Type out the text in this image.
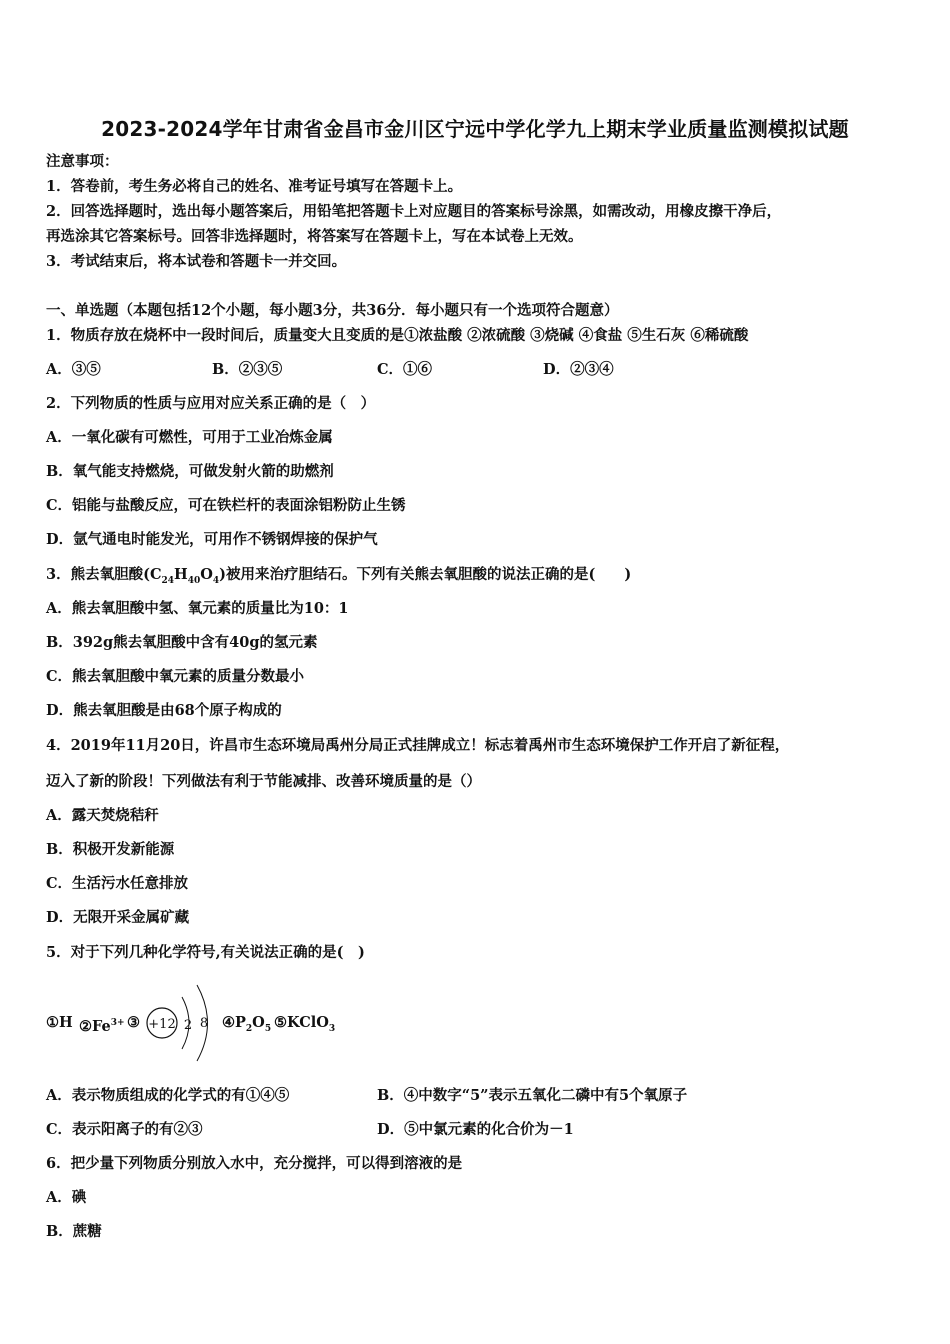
2023-2024学年甘肃省金昌市金川区宁远中学化学九上期末学业质量监测模拟试题
注意事项：
1．答卷前，考生务必将自己的姓名、准考证号填写在答题卡上。
2．回答选择题时，选出每小题答案后，用铅笔把答题卡上对应题目的答案标号涂黑，如需改动，用橡皮擦干净后，
再选涂其它答案标号。回答非选择题时，将答案写在答题卡上，写在本试卷上无效。
3．考试结束后，将本试卷和答题卡一并交回。
一、单选题（本题包括12个小题，每小题3分，共36分．每小题只有一个选项符合题意）
1．物质存放在烧杯中一段时间后，质量变大且变质的是①浓盐酸 ②浓硫酸 ③烧碱 ④食盐 ⑤生石灰 ⑥稀硫酸
A．③⑤	B．②③⑤	C．①⑥	D．②③④
2．下列物质的性质与应用对应关系正确的是（　）
A．一氧化碳有可燃性，可用于工业冶炼金属
B．氧气能支持燃烧，可做发射火箭的助燃剂
C．铝能与盐酸反应，可在铁栏杆的表面涂铝粉防止生锈
D．氩气通电时能发光，可用作不锈钢焊接的保护气
3．熊去氧胆酸$(C_{24}H_{40}O_4)$被用来治疗胆结石。下列有关熊去氧胆酸的说法正确的是(　　)
A．熊去氧胆酸中氢、氧元素的质量比为10：1
B．392g熊去氧胆酸中含有40g的氢元素
C．熊去氧胆酸中氧元素的质量分数最小
D．熊去氧胆酸是由68个原子构成的
4．2019年11月20日，许昌市生态环境局禹州分局正式挂牌成立！标志着禹州市生态环境保护工作开启了新征程，
迈入了新的阶段！下列做法有利于节能减排、改善环境质量的是（）
A．露天焚烧秸秆
B．积极开发新能源
C．生活污水任意排放
D．无限开采金属矿藏
5．对于下列几种化学符号,有关说法正确的是(　)
①H $②Fe^{3+}$ ③ +12 2 8 $④P_2O_5$ ⑤KClO$_3$
A．表示物质组成的化学式的有①④⑤	B．④中数字“5”表示五氧化二磷中有5个氧原子
C．表示阳离子的有②③	D．⑤中氯元素的化合价为－1
6．把少量下列物质分别放入水中，充分搅拌，可以得到溶液的是
A．碘
B．蔗糖
